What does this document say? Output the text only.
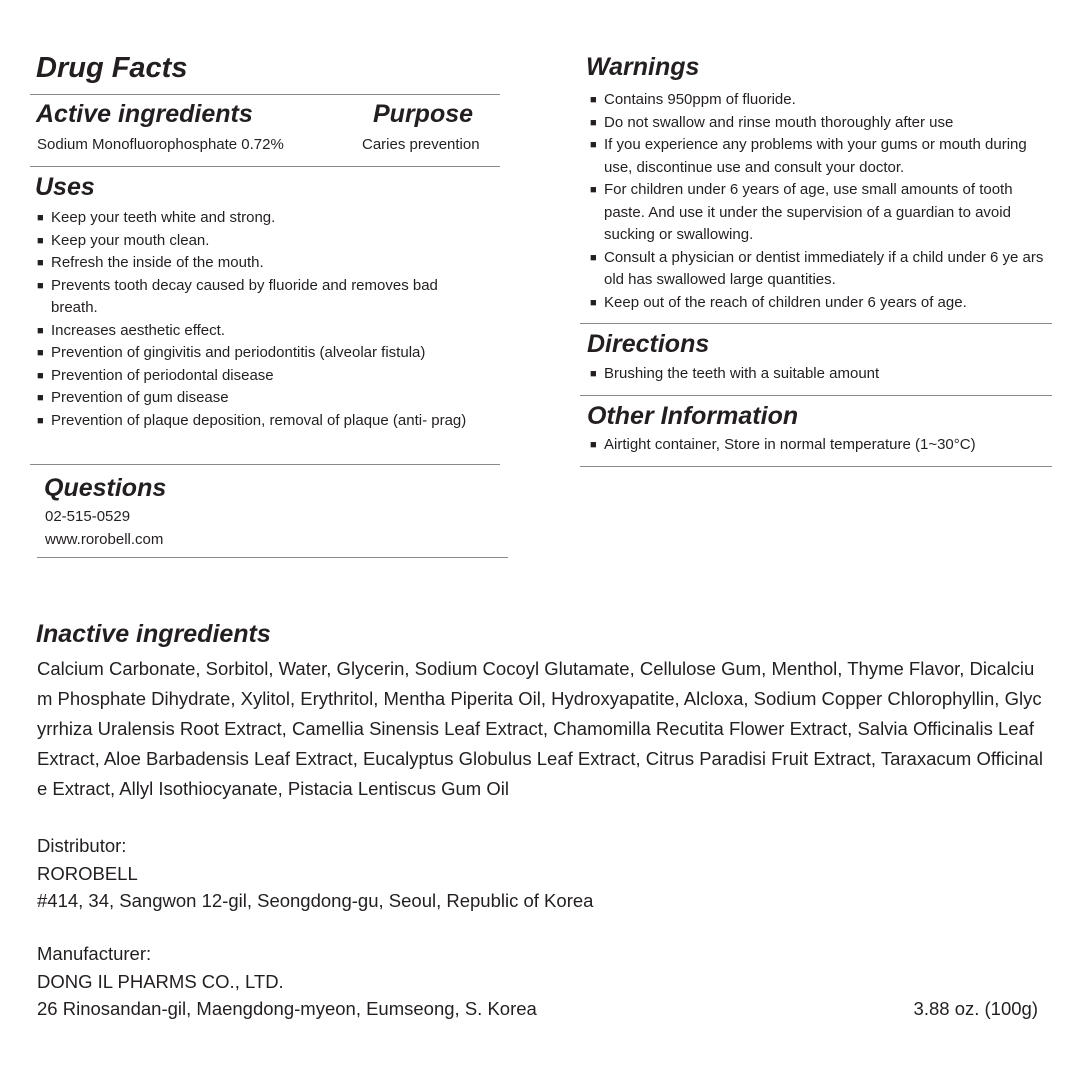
Drug Facts
Active ingredients	Purpose
Sodium Monofluorophosphate 0.72%	Caries prevention
Uses
■ Keep your teeth white and strong.
■ Keep your mouth clean.
■ Refresh the inside of the mouth.
■ Prevents tooth decay caused by fluoride and removes bad breath.
■ Increases aesthetic effect.
■ Prevention of gingivitis and periodontitis (alveolar fistula)
■ Prevention of periodontal disease
■ Prevention of gum disease
■ Prevention of plaque deposition, removal of plaque (anti- prag)
Questions
02-515-0529
www.rorobell.com
Warnings
■ Contains 950ppm of fluoride.
■ Do not swallow and rinse mouth thoroughly after use
■ If you experience any problems with your gums or mouth during use, discontinue use and consult your doctor.
■ For children under 6 years of age, use small amounts of tooth paste. And use it under the supervision of a guardian to avoid sucking or swallowing.
■ Consult a physician or dentist immediately if a child under 6 ye ars old has swallowed large quantities.
■ Keep out of the reach of children under 6 years of age.
Directions
■ Brushing the teeth with a suitable amount
Other Information
■ Airtight container, Store in normal temperature (1~30°C)
Inactive ingredients
Calcium Carbonate, Sorbitol, Water, Glycerin, Sodium Cocoyl Glutamate, Cellulose Gum, Menthol, Thyme Flavor, Dicalcium Phosphate Dihydrate, Xylitol, Erythritol, Mentha Piperita Oil, Hydroxyapatite, Alcloxa, Sodium Copper Chlorophyllin, Glycyrrhiza Uralensis Root Extract, Camellia Sinensis Leaf Extract, Chamomilla Recutita Flower Extract, Salvia Officinalis Leaf Extract, Aloe Barbadensis Leaf Extract, Eucalyptus Globulus Leaf Extract, Citrus Paradisi Fruit Extract, Taraxacum Officinale Extract, Allyl Isothiocyanate, Pistacia Lentiscus Gum Oil
Distributor:
ROROBELL
#414, 34, Sangwon 12-gil, Seongdong-gu, Seoul, Republic of Korea
Manufacturer:
DONG IL PHARMS CO., LTD.
26 Rinosandan-gil, Maengdong-myeon, Eumseong, S. Korea	3.88 oz. (100g)
